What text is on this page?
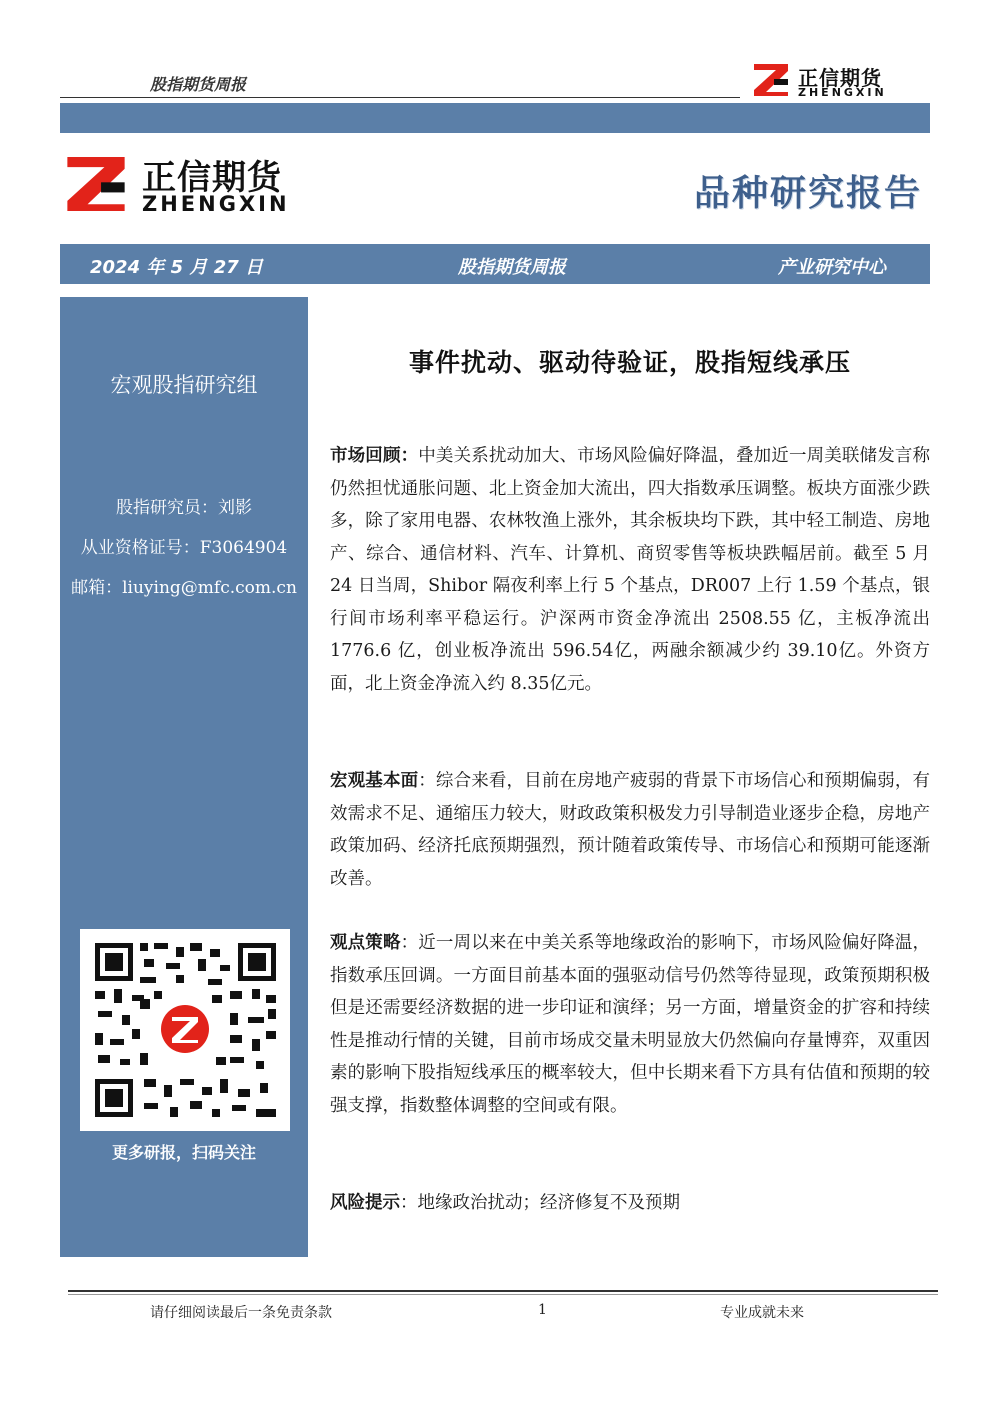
股指期货周报	正信期货
ZHENGXIN
正信期货
ZHENGXIN	品种研究报告
2024 年 5 月 27 日	股指期货周报	产业研究中心
宏观股指研究组
股指研究员：刘影
从业资格证号：F3064904
邮箱：liuying@mfc.com.cn
更多研报，扫码关注
事件扰动、驱动待验证，股指短线承压
市场回顾：中美关系扰动加大、市场风险偏好降温，叠加近一周美联储发言称仍然担忧通胀问题、北上资金加大流出，四大指数承压调整。板块方面涨少跌多，除了家用电器、农林牧渔上涨外，其余板块均下跌，其中轻工制造、房地产、综合、通信材料、汽车、计算机、商贸零售等板块跌幅居前。截至 5 月 24 日当周，Shibor 隔夜利率上行 5 个基点，DR007 上行 1.59 个基点，银行间市场利率平稳运行。沪深两市资金净流出 2508.55 亿，主板净流出 1776.6 亿，创业板净流出 596.54亿，两融余额减少约 39.10亿。外资方面，北上资金净流入约 8.35亿元。
宏观基本面：综合来看，目前在房地产疲弱的背景下市场信心和预期偏弱，有效需求不足、通缩压力较大，财政政策积极发力引导制造业逐步企稳，房地产政策加码、经济托底预期强烈，预计随着政策传导、市场信心和预期可能逐渐改善。
观点策略：近一周以来在中美关系等地缘政治的影响下，市场风险偏好降温，指数承压回调。一方面目前基本面的强驱动信号仍然等待显现，政策预期积极但是还需要经济数据的进一步印证和演绎；另一方面，增量资金的扩容和持续性是推动行情的关键，目前市场成交量未明显放大仍然偏向存量博弈，双重因素的影响下股指短线承压的概率较大，但中长期来看下方具有估值和预期的较强支撑，指数整体调整的空间或有限。
风险提示：地缘政治扰动；经济修复不及预期
请仔细阅读最后一条免责条款	1	专业成就未来
